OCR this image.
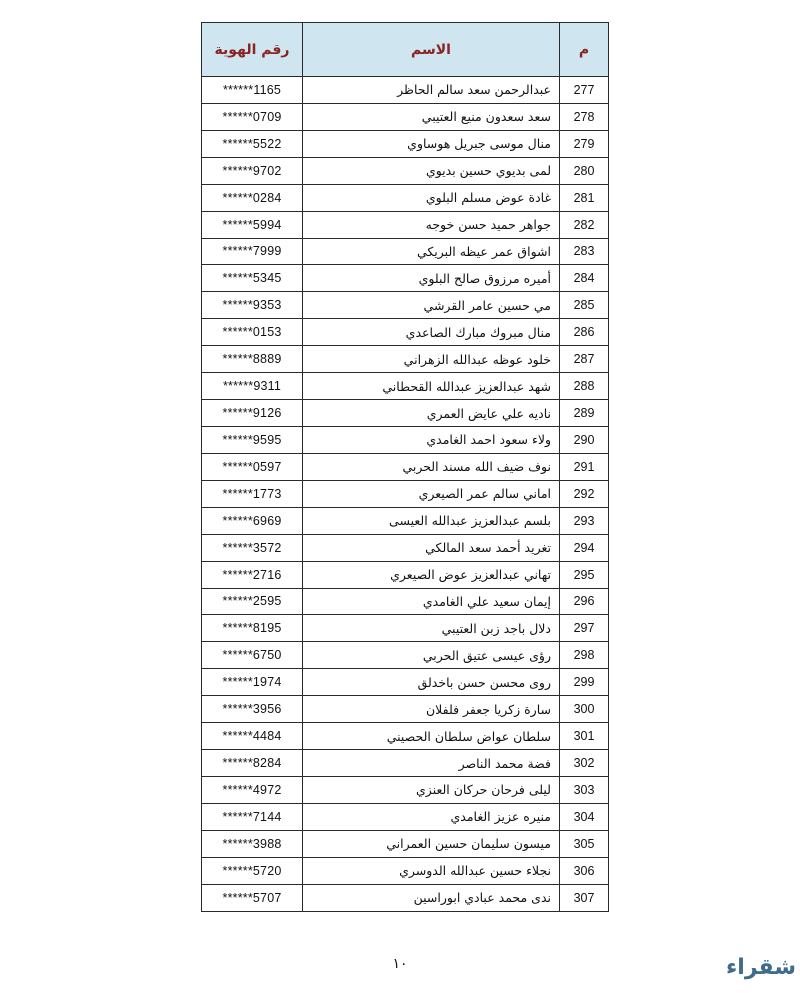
رقم الهوية	الاسم	م
******1165	عبدالرحمن سعد سالم الحاظر	277
******0709	سعد سعدون منيع العتيبي	278
******5522	منال موسى جبريل هوساوي	279
******9702	لمى بديوي حسين بديوي	280
******0284	غادة عوض مسلم البلوي	281
******5994	جواهر حميد حسن خوجه	282
******7999	اشواق عمر عيظه البريكي	283
******5345	أميره مرزوق صالح البلوي	284
******9353	مي حسين عامر القرشي	285
******0153	منال مبروك مبارك الصاعدي	286
******8889	خلود عوظه عبدالله الزهراني	287
******9311	شهد عبدالعزيز عبدالله القحطاني	288
******9126	ناديه علي عايض العمري	289
******9595	ولاء سعود احمد الغامدي	290
******0597	نوف ضيف الله مسند الحربي	291
******1773	اماني سالم عمر الصيعري	292
******6969	بلسم عبدالعزيز عبدالله العيسى	293
******3572	تغريد أحمد سعد المالكي	294
******2716	تهاني عبدالعزيز عوض الصيعري	295
******2595	إيمان سعيد علي الغامدي	296
******8195	دلال باجد زبن العتيبي	297
******6750	رؤى عيسى عتيق الحربي	298
******1974	روى محسن حسن باخدلق	299
******3956	سارة زكريا جعفر فلفلان	300
******4484	سلطان عواض سلطان الحصيني	301
******8284	فضة محمد الناصر	302
******4972	ليلى فرحان حركان العنزي	303
******7144	منيره عزيز الغامدي	304
******3988	ميسون سليمان حسين العمراني	305
******5720	نجلاء حسين عبدالله الدوسري	306
******5707	ندى محمد عبادي ابوراسين	307
١٠	شقراء
